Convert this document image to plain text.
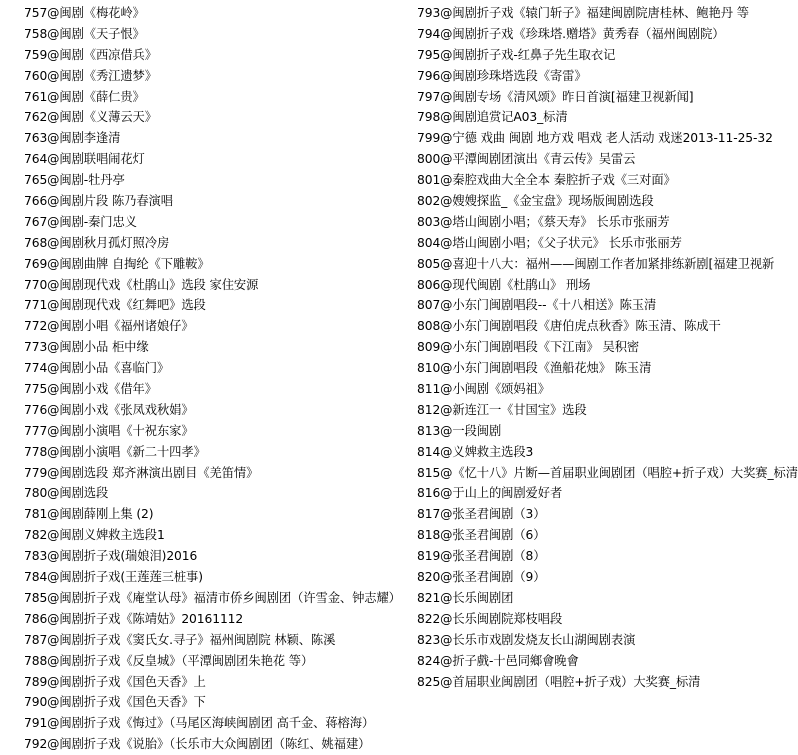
757@闽剧《梅花岭》
758@闽剧《天子恨》
759@闽剧《西凉借兵》
760@闽剧《秀江遗梦》
761@闽剧《薛仁贵》
762@闽剧《义薄云天》
763@闽剧李逢清
764@闽剧联唱闹花灯
765@闽剧-牡丹亭
766@闽剧片段 陈乃春演唱
767@闽剧-秦门忠义
768@闽剧秋月孤灯照冷房
769@闽剧曲牌 自掏纶《下雕鞍》
770@闽剧现代戏《杜鹃山》选段 家住安源
771@闽剧现代戏《红舞吧》选段
772@闽剧小唱《福州诸娘仔》
773@闽剧小品 柜中缘
774@闽剧小品《喜临门》
775@闽剧小戏《借年》
776@闽剧小戏《张凤戏秋娟》
777@闽剧小演唱《十祝东家》
778@闽剧小演唱《新二十四孝》
779@闽剧选段 郑齐淋演出剧目《羌笛情》
780@闽剧选段
781@闽剧薛刚上集 (2)
782@闽剧义婢救主选段1
783@闽剧折子戏(瑞娘泪)2016
784@闽剧折子戏(王莲莲三桩事)
785@闽剧折子戏《庵堂认母》福清市侨乡闽剧团（许雪金、钟志耀）
786@闽剧折子戏《陈靖姑》20161112
787@闽剧折子戏《窦氏女.寻子》福州闽剧院 林颖、陈溪
788@闽剧折子戏《反皇城》（平潭闽剧团朱艳花 等）
789@闽剧折子戏《国色天香》上
790@闽剧折子戏《国色天香》下
791@闽剧折子戏《悔过》（马尾区海峡闽剧团 高千金、蒋榕海）
792@闽剧折子戏《说胎》（长乐市大众闽剧团（陈红、姚福建）
793@闽剧折子戏《辕门斩子》福建闽剧院唐桂林、鲍艳丹 等
794@闽剧折子戏《珍珠塔.赠塔》黄秀春（福州闽剧院）
795@闽剧折子戏-红鼻子先生取衣记
796@闽剧珍珠塔选段《寄雷》
797@闽剧专场《清风颂》昨日首演[福建卫视新闻]
798@闽剧追赏记A03_标清
799@宁德 戏曲 闽剧 地方戏 唱戏 老人活动 戏迷2013-11-25-32
800@平潭闽剧团演出《青云传》吴雷云
801@秦腔戏曲大全全本 秦腔折子戏《三对面》
802@嫂嫂探监_《金宝盘》现场版闽剧选段
803@塔山闽剧小唱；《蔡天寿》 长乐市张丽芳
804@塔山闽剧小唱；《父子状元》 长乐市张丽芳
805@喜迎十八大：福州——闽剧工作者加紧排练新剧[福建卫视新
806@现代闽剧《杜鹃山》 刑场
807@小东门闽剧唱段--《十八相送》陈玉清
808@小东门闽剧唱段《唐伯虎点秋香》陈玉清、陈成干
809@小东门闽剧唱段《下江南》 吴积密
810@小东门闽剧唱段《渔船花烛》 陈玉清
811@小闽剧《颂妈祖》
812@新连江一《甘国宝》选段
813@一段闽剧
814@义婢救主选段3
815@《忆十八》片断—首届职业闽剧团（唱腔+折子戏）大奖赛_标清
816@于山上的闽剧爱好者
817@张圣君闽剧（3）
818@张圣君闽剧（6）
819@张圣君闽剧（8）
820@张圣君闽剧（9）
821@长乐闽剧团
822@长乐闽剧院郑枝唱段
823@长乐市戏剧发烧友长山湖闽剧表演
824@折子戲-十邑同鄉會晚會
825@首届职业闽剧团（唱腔+折子戏）大奖赛_标清
